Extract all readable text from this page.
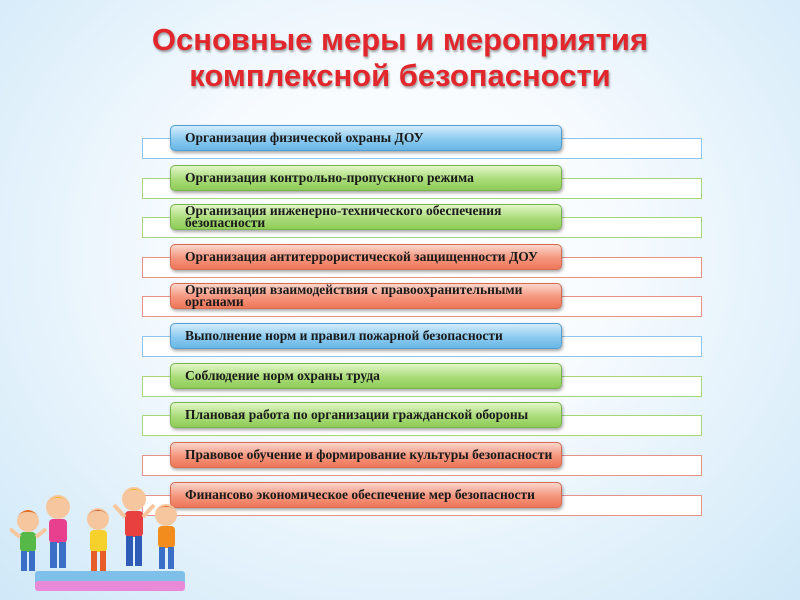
Основные меры и мероприятия
комплексной безопасности
Организация физической охраны ДОУ
Организация контрольно-пропускного режима
Организация инженерно-технического обеспечения безопасности
Организация антитеррористической защищенности ДОУ
Организация взаимодействия с правоохранительными органами
Выполнение норм и правил пожарной безопасности
Соблюдение норм охраны труда
Плановая работа по организации гражданской обороны
Правовое обучение и формирование культуры безопасности
Финансово экономическое обеспечение мер безопасности
